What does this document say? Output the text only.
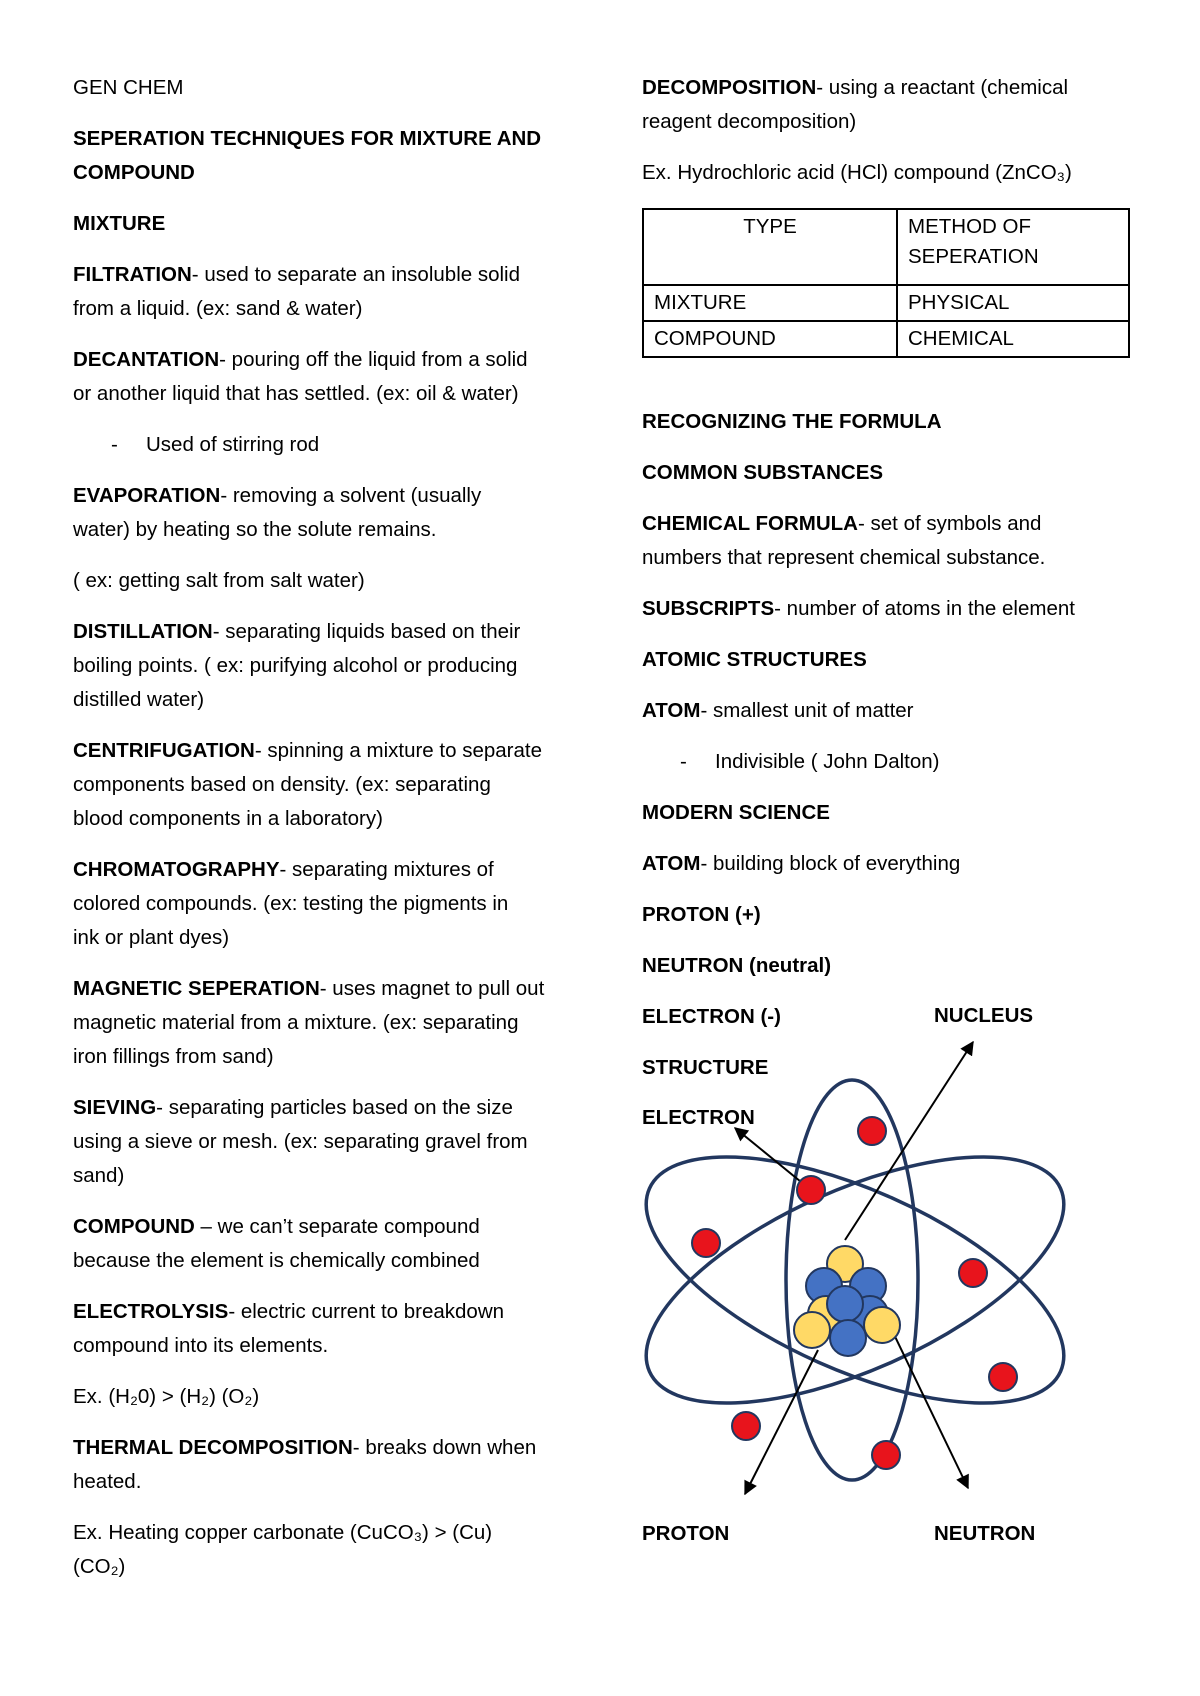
GEN CHEM

SEPERATION TECHNIQUES FOR MIXTURE AND

COMPOUND

MIXTURE

FILTRATION- used to separate an insoluble solid

from a liquid. (ex: sand & water)

DECANTATION- pouring off the liquid from a solid

or another liquid that has settled. (ex: oil & water)

- Used of stirring rod

EVAPORATION- removing a solvent (usually

water) by heating so the solute remains.

( ex: getting salt from salt water)

DISTILLATION- separating liquids based on their

boiling points. ( ex: purifying alcohol or producing

distilled water)

CENTRIFUGATION- spinning a mixture to separate

components based on density. (ex: separating

blood components in a laboratory)

CHROMATOGRAPHY- separating mixtures of

colored compounds. (ex: testing the pigments in

ink or plant dyes)

MAGNETIC SEPERATION- uses magnet to pull out

magnetic material from a mixture. (ex: separating

iron fillings from sand)

SIEVING- separating particles based on the size

using a sieve or mesh. (ex: separating gravel from

sand)

COMPOUND – we can’t separate compound

because the element is chemically combined

ELECTROLYSIS- electric current to breakdown

compound into its elements.

Ex. (H₂0) > (H₂) (O₂)

THERMAL DECOMPOSITION- breaks down when

heated.

Ex. Heating copper carbonate (CuCO₃) > (Cu)

(CO₂)

DECOMPOSITION- using a reactant (chemical

reagent decomposition)

Ex. Hydrochloric acid (HCl) compound (ZnCO₃)

TYPE	METHOD OF SEPERATION
MIXTURE	PHYSICAL
COMPOUND	CHEMICAL

RECOGNIZING THE FORMULA

COMMON SUBSTANCES

CHEMICAL FORMULA- set of symbols and

numbers that represent chemical substance.

SUBSCRIPTS- number of atoms in the element

ATOMIC STRUCTURES

ATOM- smallest unit of matter

- Indivisible ( John Dalton)

MODERN SCIENCE

ATOM- building block of everything

PROTON (+)

NEUTRON (neutral)

ELECTRON (-)

STRUCTURE

NUCLEUS
ELECTRON
PROTON	NEUTRON
